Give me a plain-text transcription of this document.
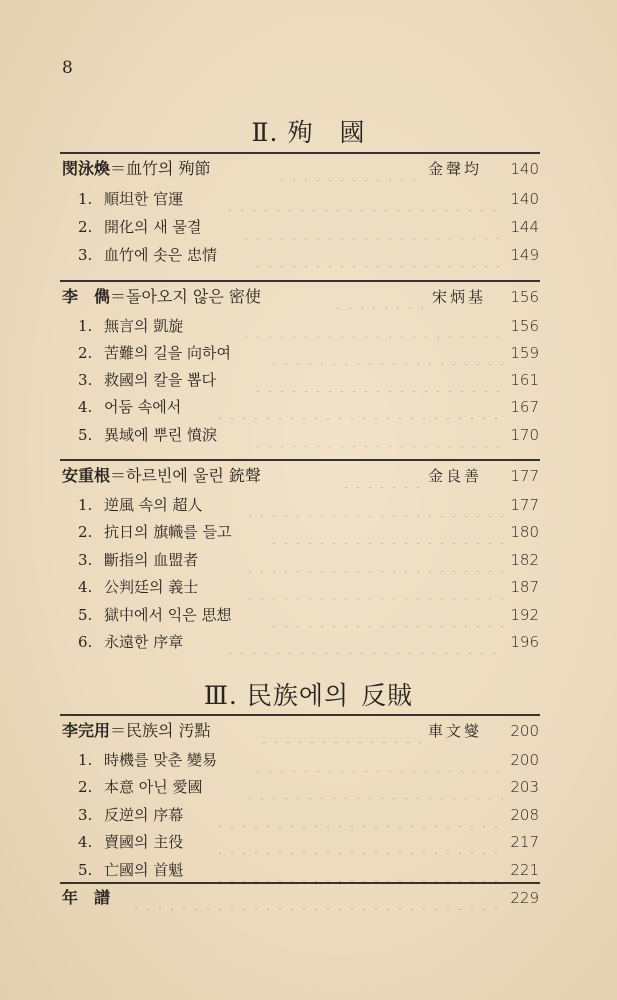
8
Ⅱ. 殉 國
閔泳煥＝血竹의 殉節	金聲均 140
1. 順坦한 官運	140
2. 開化의 새 물결	144
3. 血竹에 솟은 忠情	149
李　儁＝돌아오지 않은 密使	宋炳基 156
1. 無言의 凱旋	156
2. 苦難의 길을 向하여	159
3. 救國의 칼을 뽑다	161
4. 어둠 속에서	167
5. 異域에 뿌린 憤淚	170
安重根＝하르빈에 울린 銃聲	金良善 177
1. 逆風 속의 超人	177
2. 抗日의 旗幟를 들고	180
3. 斷指의 血盟者	182
4. 公判廷의 義士	187
5. 獄中에서 익은 思想	192
6. 永遠한 序章	196
Ⅲ. 民族에의 反賊
李完用＝民族의 汚點	車文燮 200
1. 時機를 맞춘 變易	200
2. 本意 아닌 愛國	203
3. 反逆의 序幕	208
4. 賣國의 主役	217
5. 亡國의 首魁	221
年　譜	229
